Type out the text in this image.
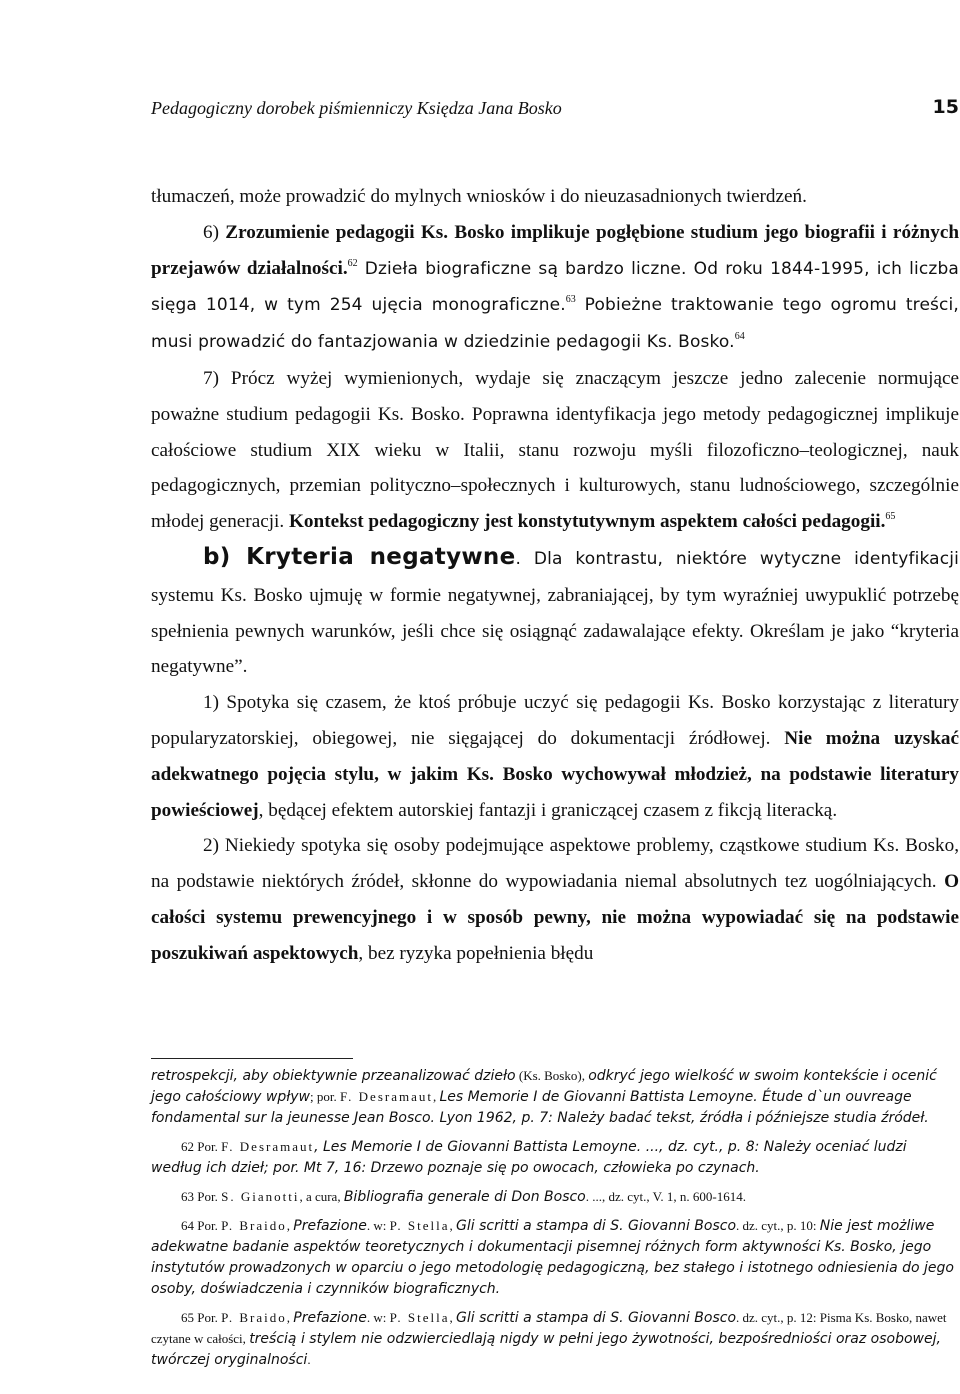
Pedagogiczny dorobek piśmienniczy Księdza Jana Bosko	15

tłumaczeń, może prowadzić do mylnych wniosków i do nieuzasadnionych twierdzeń.

6) Zrozumienie pedagogii Ks. Bosko implikuje pogłębione studium jego biografii i różnych przejawów działalności.$^{62}$ Dzieła biograficzne są bardzo liczne. Od roku 1844-1995, ich liczba sięga 1014, w tym 254 ujęcia monograficzne.$^{63}$ Pobieżne traktowanie tego ogromu treści, musi prowadzić do fantazjowania w dziedzinie pedagogii Ks. Bosko.$^{64}$

7) Prócz wyżej wymienionych, wydaje się znaczącym jeszcze jedno zalecenie normujące poważne studium pedagogii Ks. Bosko. Poprawna identyfikacja jego metody pedagogicznej implikuje całościowe studium XIX wieku w Italii, stanu rozwoju myśli filozoficzno–teologicznej, nauk pedagogicznych, przemian polityczno–społecznych i kulturowych, stanu ludnościowego, szczególnie młodej generacji. Kontekst pedagogiczny jest konstytutywnym aspektem całości pedagogii.$^{65}$

b) Kryteria negatywne. Dla kontrastu, niektóre wytyczne identyfikacji systemu Ks. Bosko ujmuję w formie negatywnej, zabraniającej, by tym wyraźniej uwypuklić potrzebę spełnienia pewnych warunków, jeśli chce się osiągnąć zadawalające efekty. Określam je jako “kryteria negatywne”.

1) Spotyka się czasem, że ktoś próbuje uczyć się pedagogii Ks. Bosko korzystając z literatury popularyzatorskiej, obiegowej, nie sięgającej do dokumentacji źródłowej. Nie można uzyskać adekwatnego pojęcia stylu, w jakim Ks. Bosko wychowywał młodzież, na podstawie literatury powieściowej, będącej efektem autorskiej fantazji i graniczącej czasem z fikcją literacką.

2) Niekiedy spotyka się osoby podejmujące aspektowe problemy, cząstkowe studium Ks. Bosko, na podstawie niektórych źródeł, skłonne do wypowiadania niemal absolutnych tez uogólniających. O całości systemu prewencyjnego i w sposób pewny, nie można wypowiadać się na podstawie poszukiwań aspektowych, bez ryzyka popełnienia błędu

retrospekcji, aby obiektywnie przeanalizować dzieło (Ks. Bosko), odkryć jego wielkość w swoim kontekście i ocenić jego całościowy wpływ; por. F. Desramaut, Les Memorie I de Giovanni Battista Lemoyne. Étude d`un ouvreage fondamental sur la jeunesse Jean Bosco. Lyon 1962, p. 7: Należy badać tekst, źródła i późniejsze studia źródeł.

62 Por. F. Desramaut, Les Memorie I de Giovanni Battista Lemoyne. ..., dz. cyt., p. 8: Należy oceniać ludzi według ich dzieł; por. Mt 7, 16: Drzewo poznaje się po owocach, człowieka po czynach.

63 Por. S. Gianotti, a cura, Bibliografia generale di Don Bosco. ..., dz. cyt., V. 1, n. 600-1614.

64 Por. P. Braido, Prefazione. w: P. Stella, Gli scritti a stampa di S. Giovanni Bosco. dz. cyt., p. 10: Nie jest możliwe adekwatne badanie aspektów teoretycznych i dokumentacji pisemnej różnych form aktywności Ks. Bosko, jego instytutów prowadzonych w oparciu o jego metodologię pedagogiczną, bez stałego i istotnego odniesienia do jego osoby, doświadczenia i czynników biograficznych.

65 Por. P. Braido, Prefazione. w: P. Stella, Gli scritti a stampa di S. Giovanni Bosco. dz. cyt., p. 12: Pisma Ks. Bosko, nawet czytane w całości, treścią i stylem nie odzwierciedlają nigdy w pełni jego żywotności, bezpośredniości oraz osobowej, twórczej oryginalności.
